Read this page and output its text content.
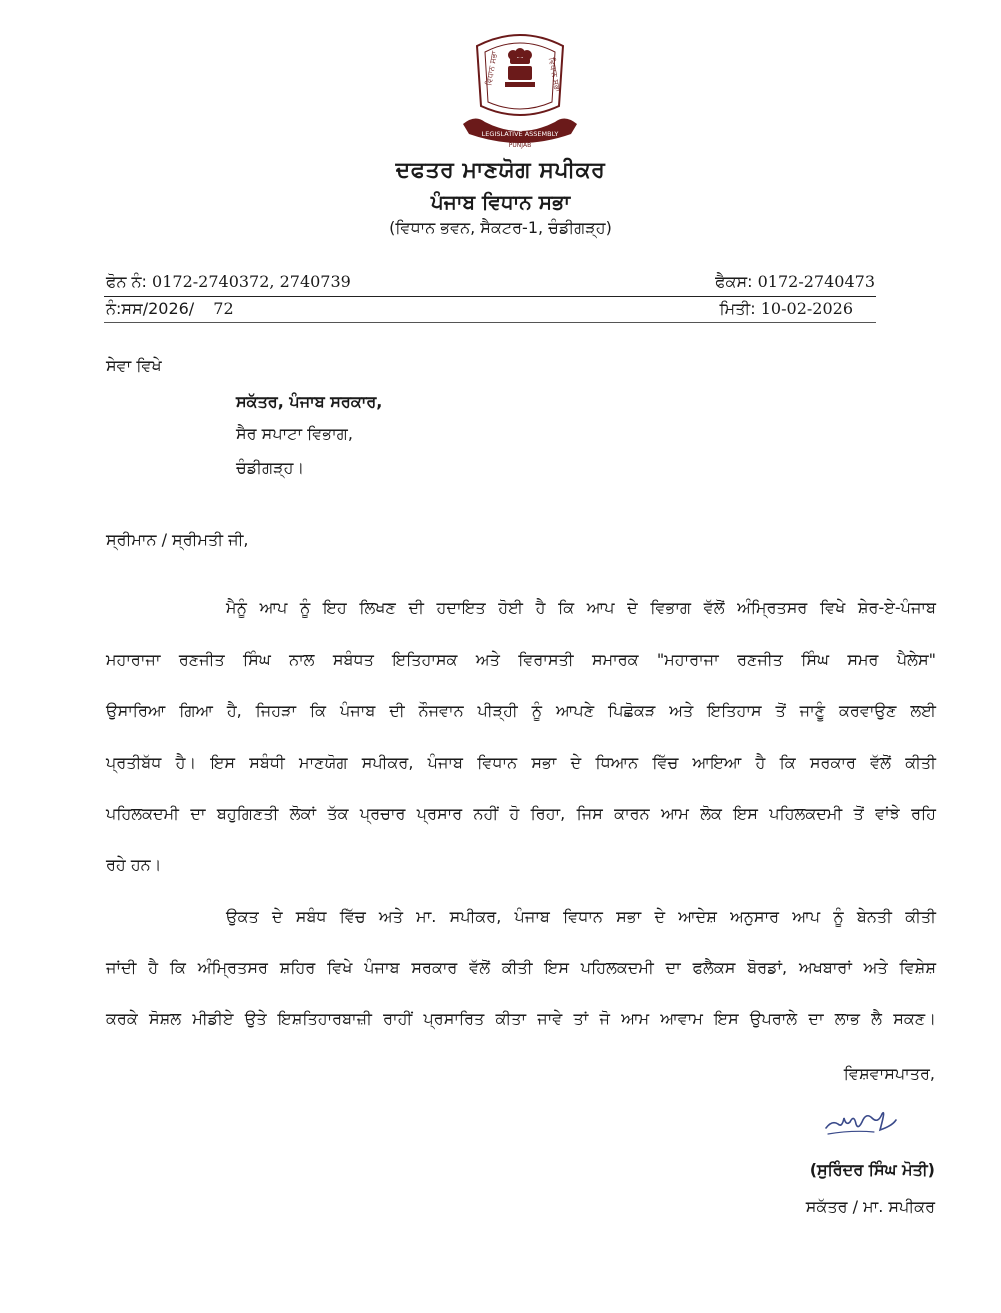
ਵਿਧਾਨ ਸਭਾ	ਵਿਧਾਨ ਸਭਾ
LEGISLATIVE ASSEMBLY
PUNJAB
ਦਫਤਰ ਮਾਣਯੋਗ ਸਪੀਕਰ
ਪੰਜਾਬ ਵਿਧਾਨ ਸਭਾ
(ਵਿਧਾਨ ਭਵਨ, ਸੈਕਟਰ-1, ਚੰਡੀਗੜ੍ਹ)
ਫੋਨ ਨੰ: 0172-2740372, 2740739	ਫੈਕਸ: 0172-2740473
ਨੰ:ਸਸ/2026/ 72	ਮਿਤੀ: 10-02-2026
ਸੇਵਾ ਵਿਖੇ
ਸਕੱਤਰ, ਪੰਜਾਬ ਸਰਕਾਰ,
ਸੈਰ ਸਪਾਟਾ ਵਿਭਾਗ,
ਚੰਡੀਗੜ੍ਹ।
ਸ੍ਰੀਮਾਨ / ਸ੍ਰੀਮਤੀ ਜੀ,
ਮੈਨੂੰ ਆਪ ਨੂੰ ਇਹ ਲਿਖਣ ਦੀ ਹਦਾਇਤ ਹੋਈ ਹੈ ਕਿ ਆਪ ਦੇ ਵਿਭਾਗ ਵੱਲੋਂ ਅੰਮ੍ਰਿਤਸਰ ਵਿਖੇ ਸ਼ੇਰ-ਏ-ਪੰਜਾਬ
ਮਹਾਰਾਜਾ ਰਣਜੀਤ ਸਿੰਘ ਨਾਲ ਸਬੰਧਤ ਇਤਿਹਾਸਕ ਅਤੇ ਵਿਰਾਸਤੀ ਸਮਾਰਕ "ਮਹਾਰਾਜਾ ਰਣਜੀਤ ਸਿੰਘ ਸਮਰ ਪੈਲੇਸ"
ਉਸਾਰਿਆ ਗਿਆ ਹੈ, ਜਿਹੜਾ ਕਿ ਪੰਜਾਬ ਦੀ ਨੌਜਵਾਨ ਪੀੜ੍ਹੀ ਨੂੰ ਆਪਣੇ ਪਿਛੋਕੜ ਅਤੇ ਇਤਿਹਾਸ ਤੋਂ ਜਾਣੂੰ ਕਰਵਾਉਣ ਲਈ
ਪ੍ਰਤੀਬੱਧ ਹੈ। ਇਸ ਸਬੰਧੀ ਮਾਣਯੋਗ ਸਪੀਕਰ, ਪੰਜਾਬ ਵਿਧਾਨ ਸਭਾ ਦੇ ਧਿਆਨ ਵਿੱਚ ਆਇਆ ਹੈ ਕਿ ਸਰਕਾਰ ਵੱਲੋਂ ਕੀਤੀ
ਪਹਿਲਕਦਮੀ ਦਾ ਬਹੁਗਿਣਤੀ ਲੋਕਾਂ ਤੱਕ ਪ੍ਰਚਾਰ ਪ੍ਰਸਾਰ ਨਹੀਂ ਹੋ ਰਿਹਾ, ਜਿਸ ਕਾਰਨ ਆਮ ਲੋਕ ਇਸ ਪਹਿਲਕਦਮੀ ਤੋਂ ਵਾਂਝੇ ਰਹਿ
ਰਹੇ ਹਨ।
ਉਕਤ ਦੇ ਸਬੰਧ ਵਿੱਚ ਅਤੇ ਮਾ. ਸਪੀਕਰ, ਪੰਜਾਬ ਵਿਧਾਨ ਸਭਾ ਦੇ ਆਦੇਸ਼ ਅਨੁਸਾਰ ਆਪ ਨੂੰ ਬੇਨਤੀ ਕੀਤੀ
ਜਾਂਦੀ ਹੈ ਕਿ ਅੰਮ੍ਰਿਤਸਰ ਸ਼ਹਿਰ ਵਿਖੇ ਪੰਜਾਬ ਸਰਕਾਰ ਵੱਲੋਂ ਕੀਤੀ ਇਸ ਪਹਿਲਕਦਮੀ ਦਾ ਫਲੈਕਸ ਬੋਰਡਾਂ, ਅਖਬਾਰਾਂ ਅਤੇ ਵਿਸ਼ੇਸ਼
ਕਰਕੇ ਸੋਸ਼ਲ ਮੀਡੀਏ ਉਤੇ ਇਸ਼ਤਿਹਾਰਬਾਜ਼ੀ ਰਾਹੀਂ ਪ੍ਰਸਾਰਿਤ ਕੀਤਾ ਜਾਵੇ ਤਾਂ ਜੋ ਆਮ ਆਵਾਮ ਇਸ ਉਪਰਾਲੇ ਦਾ ਲਾਭ ਲੈ ਸਕਣ।
ਵਿਸ਼ਵਾਸਪਾਤਰ,
(ਸੁਰਿੰਦਰ ਸਿੰਘ ਮੋਤੀ)
ਸਕੱਤਰ / ਮਾ. ਸਪੀਕਰ
